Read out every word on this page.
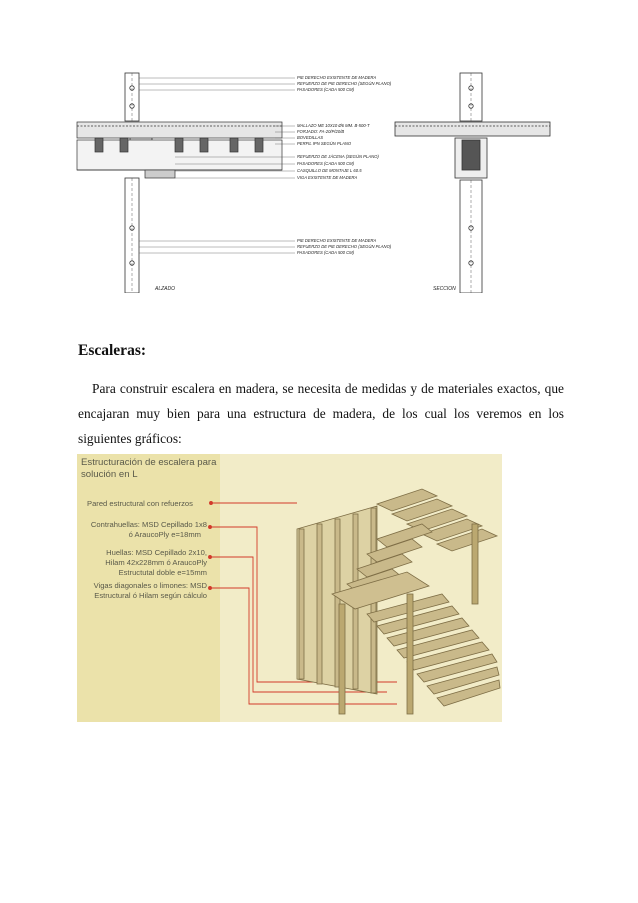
ALZADO
PIE DERECHO EXISTENTE DE MADERA
REFUERZO DE PIE DERECHO (SEGÚN PLANO)
PASADORES (CADA 500 CM)
MALLAZO ME 10X10 Ø6 MM. B-500-T
FORJADO: FA-20/P/20/B
BOVEDILLAS
PERFIL IPN SEGÚN PLANO
REFUERZO DE JÁCENA (SEGÚN PLANO)
PASADORES (CADA 500 CM)
CASQUILLO DE MONTAJE L 60.5
VIGA EXISTENTE DE MADERA
PIE DERECHO EXISTENTE DE MADERA
REFUERZO DE PIE DERECHO (SEGÚN PLANO)
PASADORES (CADA 500 CM)
SECCION
Escaleras:

Para construir escalera en madera, se necesita de medidas y de materiales exactos, que encajaran muy bien para una estructura de madera, de los cual los veremos en los siguientes gráficos:

Estructuración de escalera para
solución en L
Pared estructural con refuerzos
Contrahuellas: MSD Cepillado 1x8
ó AraucoPly e=18mm
Huellas: MSD Cepillado 2x10,
Hilam 42x228mm ó AraucoPly
Estructutal doble e=15mm
Vigas diagonales o limones: MSD
Estructural ó Hilam según cálculo
